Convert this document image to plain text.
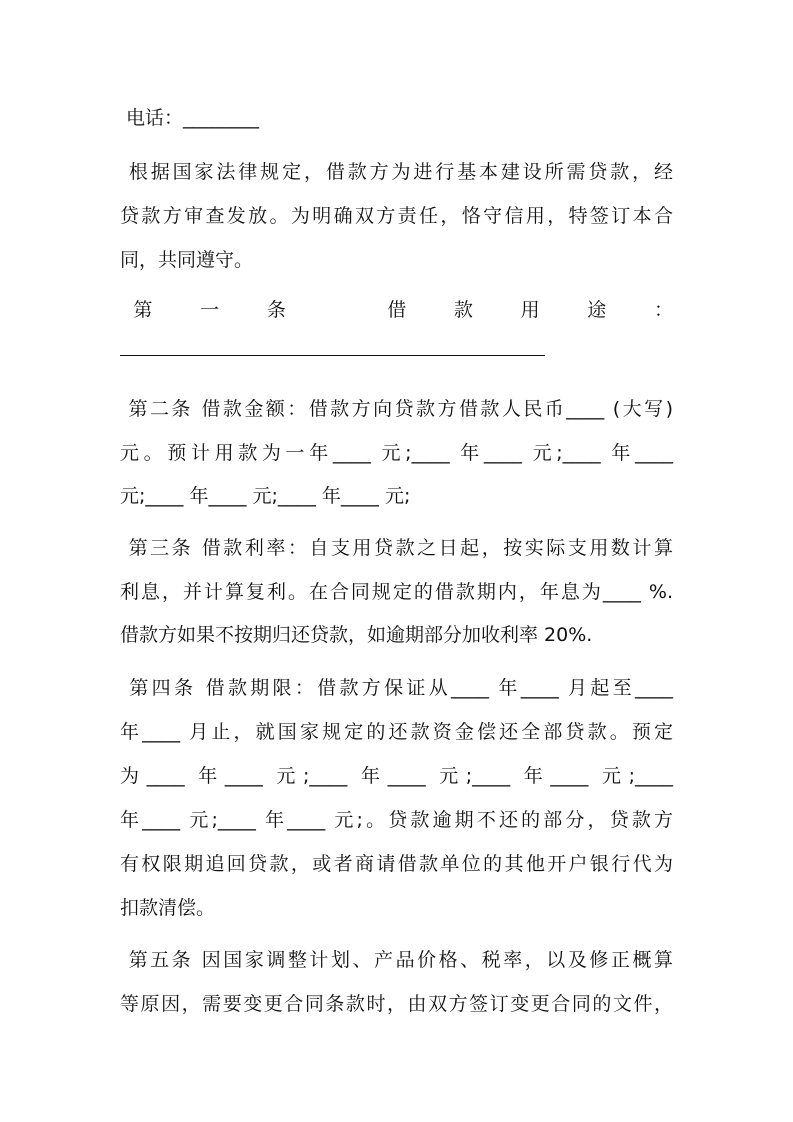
电话：________
根据国家法律规定，借款方为进行基本建设所需贷款，经
贷款方审查发放。为明确双方责任，恪守信用，特签订本合
同，共同遵守。
第   一   条       借   款   用   途   ：
第二条 借款金额：借款方向贷款方借款人民币____ (大写)
元。预计用款为一年____ 元;____ 年____ 元;____ 年____
元;____ 年____ 元;____ 年____ 元;
第三条 借款利率：自支用贷款之日起，按实际支用数计算
利息，并计算复利。在合同规定的借款期内，年息为____ %.
借款方如果不按期归还贷款，如逾期部分加收利率 20%.
第四条 借款期限：借款方保证从____ 年____ 月起至____
年____ 月止，就国家规定的还款资金偿还全部贷款。预定
为____ 年____ 元;____ 年____ 元;____ 年____ 元;____
年____ 元;____ 年____ 元;。贷款逾期不还的部分，贷款方
有权限期追回贷款，或者商请借款单位的其他开户银行代为
扣款清偿。
第五条 因国家调整计划、产品价格、税率，以及修正概算
等原因，需要变更合同条款时，由双方签订变更合同的文件，
